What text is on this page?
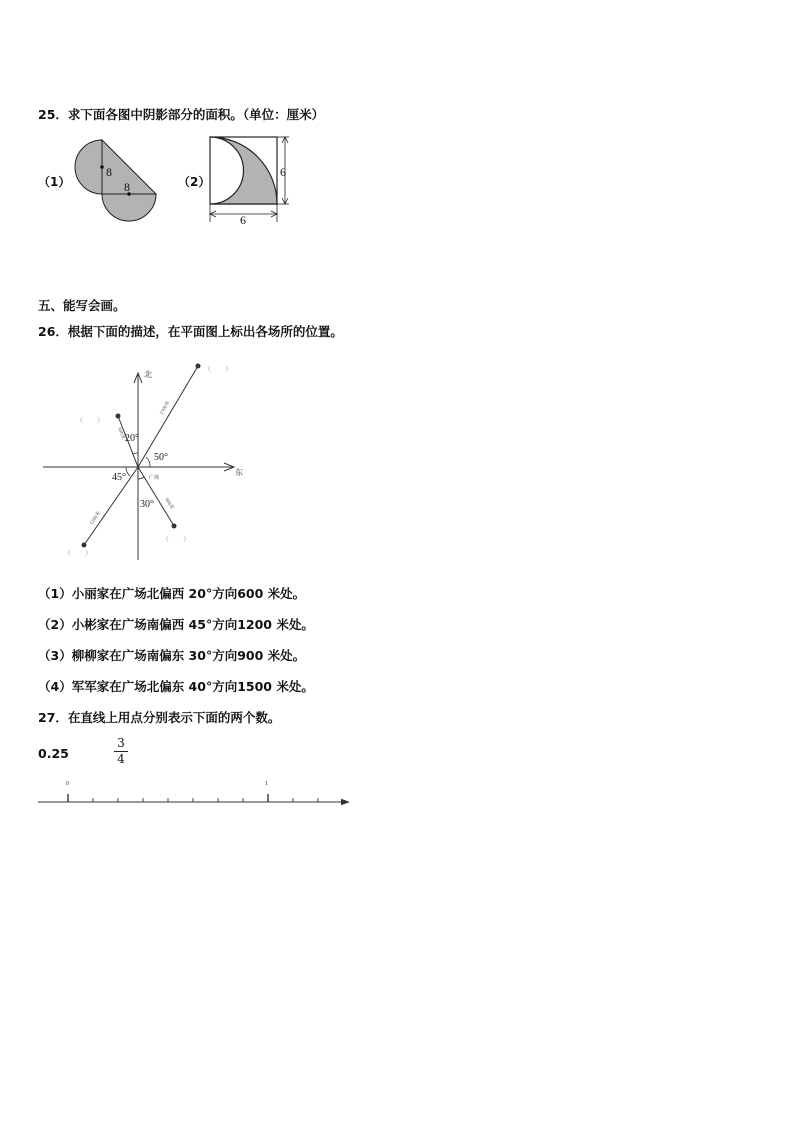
25．求下面各图中阴影部分的面积。（单位：厘米）
（1）
8
8	（2）
6
6
五、能写会画。
26．根据下面的描述，在平面图上标出各场所的位置。
北
东
20°
50°
45°
30°
广场
1500米
600米
1200米
900米
（　　）
（　　）
（　　）
（　　）
（1）小丽家在广场北偏西 20°方向600 米处。
（2）小彬家在广场南偏西 45°方向1200 米处。
（3）柳柳家在广场南偏东 30°方向900 米处。
（4）军军家在广场北偏东 40°方向1500 米处。
27．在直线上用点分别表示下面的两个数。
0.25
3
4
0	1
